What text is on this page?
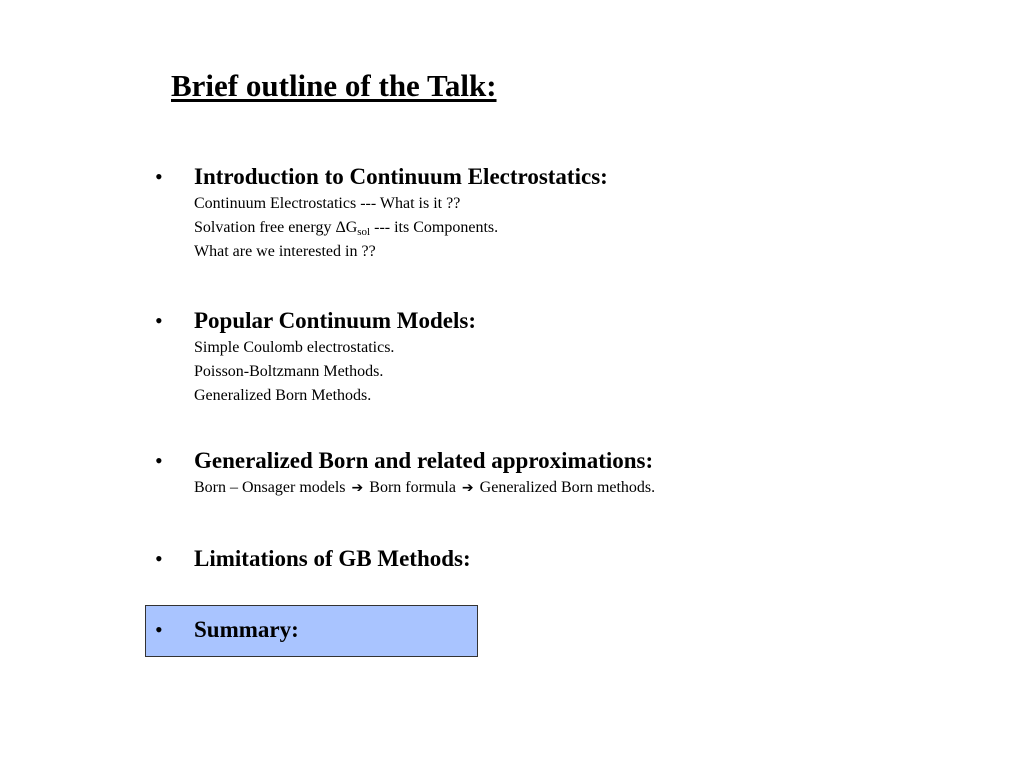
Brief outline of the Talk:
• Introduction to Continuum Electrostatics:
Continuum Electrostatics --- What is it ??
Solvation free energy $\Delta G_{sol}$ --- its Components.
What are we interested in ??
• Popular Continuum Models:
Simple Coulomb electrostatics.
Poisson-Boltzmann Methods.
Generalized Born Methods.
• Generalized Born and related approximations:
Born – Onsager models ➔ Born formula ➔ Generalized Born methods.
• Limitations of GB Methods:
• Summary:
